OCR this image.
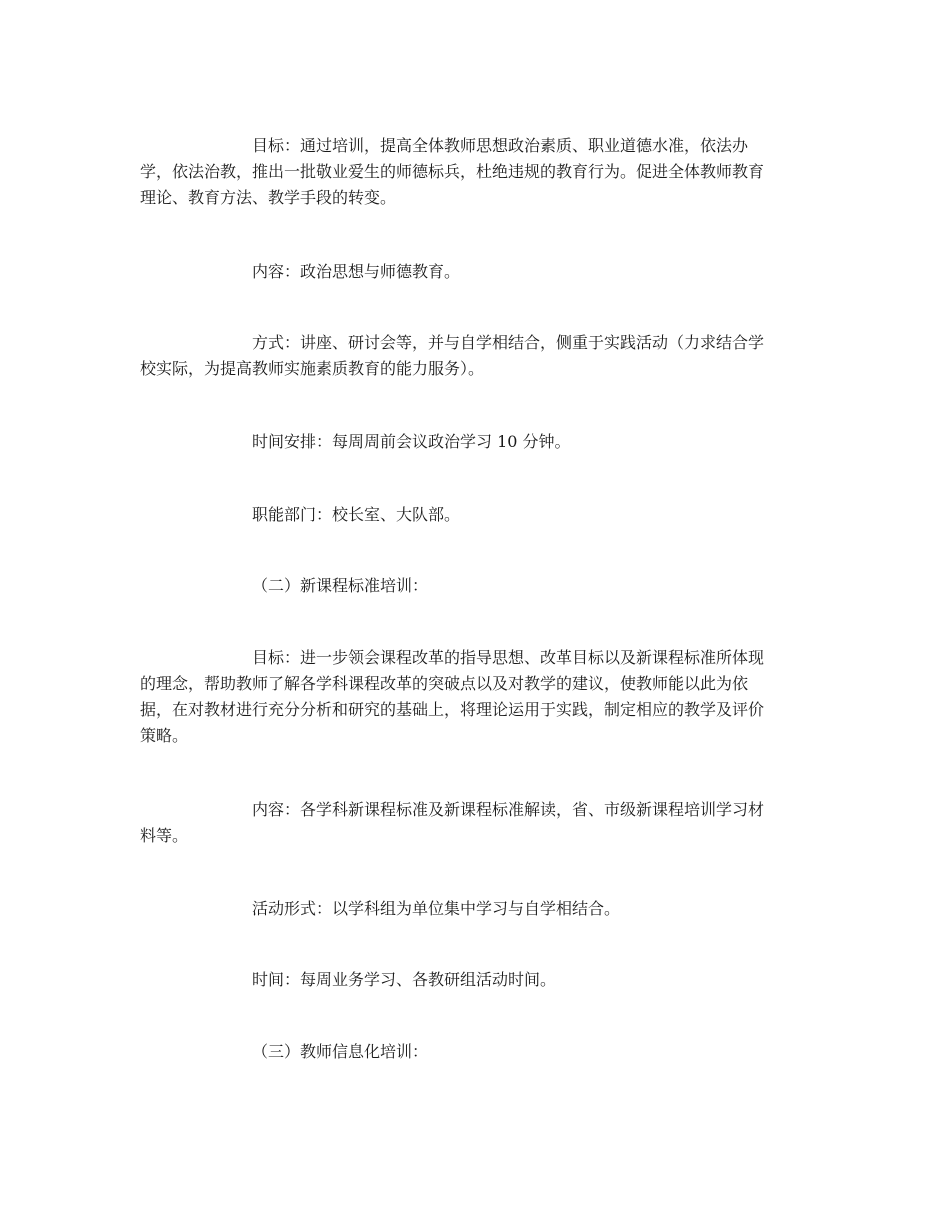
目标：通过培训，提高全体教师思想政治素质、职业道德水准，依法办
学，依法治教，推出一批敬业爱生的师德标兵，杜绝违规的教育行为。促进全体教师教育
理论、教育方法、教学手段的转变。

内容：政治思想与师德教育。

方式：讲座、研讨会等，并与自学相结合，侧重于实践活动（力求结合学
校实际，为提高教师实施素质教育的能力服务）。

时间安排：每周周前会议政治学习 10 分钟。

职能部门：校长室、大队部。

（二）新课程标准培训：

目标：进一步领会课程改革的指导思想、改革目标以及新课程标准所体现
的理念，帮助教师了解各学科课程改革的突破点以及对教学的建议，使教师能以此为依
据，在对教材进行充分分析和研究的基础上，将理论运用于实践，制定相应的教学及评价
策略。
内容：各学科新课程标准及新课程标准解读，省、市级新课程培训学习材
料等。

活动形式：以学科组为单位集中学习与自学相结合。

时间：每周业务学习、各教研组活动时间。

（三）教师信息化培训：
